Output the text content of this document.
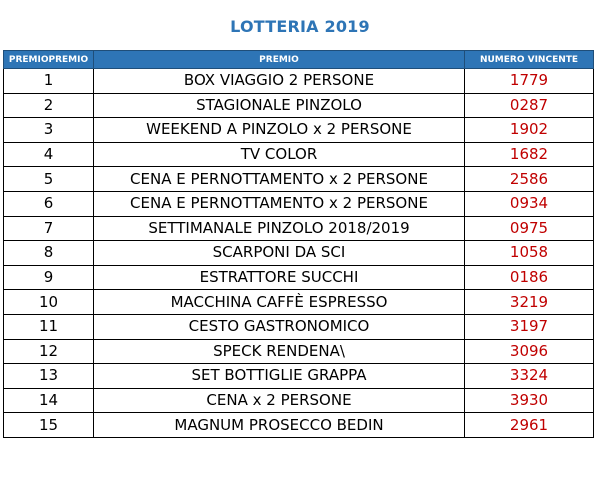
LOTTERIA 2019
PREMIOPREMIO	PREMIO	NUMERO VINCENTE
1	BOX VIAGGIO 2 PERSONE	1779
2	STAGIONALE PINZOLO	0287
3	WEEKEND A PINZOLO x 2 PERSONE	1902
4	TV COLOR	1682
5	CENA E PERNOTTAMENTO x 2 PERSONE	2586
6	CENA E PERNOTTAMENTO x 2 PERSONE	0934
7	SETTIMANALE PINZOLO 2018/2019	0975
8	SCARPONI DA SCI	1058
9	ESTRATTORE SUCCHI	0186
10	MACCHINA CAFFÈ ESPRESSO	3219
11	CESTO GASTRONOMICO	3197
12	SPECK RENDENA\	3096
13	SET BOTTIGLIE GRAPPA	3324
14	CENA x 2 PERSONE	3930
15	MAGNUM PROSECCO BEDIN	2961
